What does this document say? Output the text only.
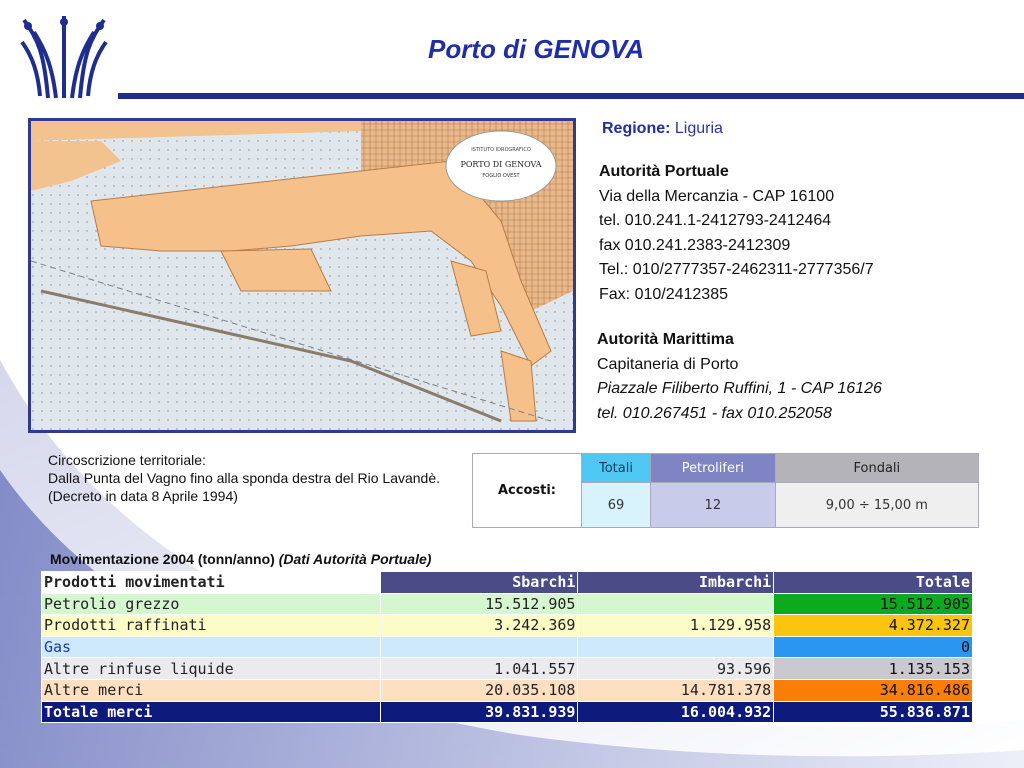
Porto di GENOVA
ISTITUTO IDROGRAFICO
PORTO DI GENOVA
FOGLIO OVEST
Regione: Liguria
Autorità Portuale
Via della Mercanzia - CAP 16100
tel. 010.241.1-2412793-2412464
fax 010.241.2383-2412309
Tel.: 010/2777357-2462311-2777356/7
Fax: 010/2412385
Autorità Marittima
Capitaneria di Porto
Piazzale Filiberto Ruffini, 1 - CAP 16126
tel. 010.267451 - fax 010.252058
Circoscrizione territoriale:
Dalla Punta del Vagno fino alla sponda destra del Rio Lavandè.
(Decreto in data 8 Aprile 1994)	Accosti:	Totali	Petroliferi	Fondali
	69	12	9,00 ÷ 15,00 m
Movimentazione 2004 (tonn/anno) (Dati Autorità Portuale)
Prodotti movimentati	Sbarchi	Imbarchi	Totale
Petrolio grezzo	15.512.905		15.512.905
Prodotti raffinati	3.242.369	1.129.958	4.372.327
Gas			0
Altre rinfuse liquide	1.041.557	93.596	1.135.153
Altre merci	20.035.108	14.781.378	34.816.486
Totale merci	39.831.939	16.004.932	55.836.871
